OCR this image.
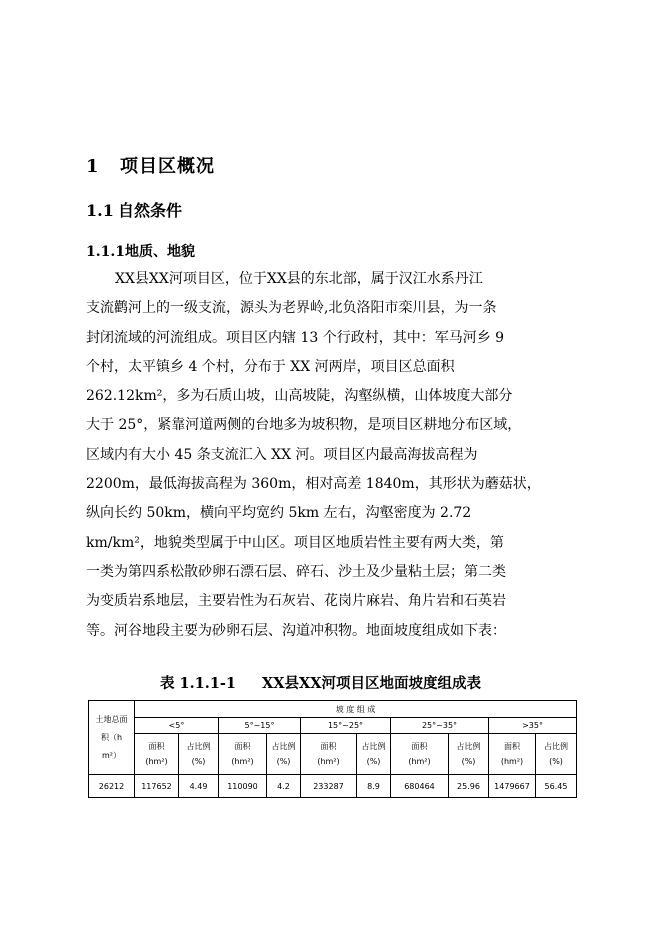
1 项目区概况
1.1 自然条件
1.1.1地质、地貌
XX县XX河项目区，位于XX县的东北部，属于汉江水系丹江
支流鹳河上的一级支流，源头为老界岭,北负洛阳市栾川县，为一条
封闭流域的河流组成。项目区内辖 13 个行政村，其中：军马河乡 9
个村，太平镇乡 4 个村，分布于 XX 河两岸，项目区总面积
262.12km²，多为石质山坡，山高坡陡，沟壑纵横，山体坡度大部分
大于 25°，紧靠河道两侧的台地多为坡积物，是项目区耕地分布区域，
区域内有大小 45 条支流汇入 XX 河。项目区内最高海拔高程为
2200m，最低海拔高程为 360m，相对高差 1840m，其形状为蘑菇状，
纵向长约 50km，横向平均宽约 5km 左右，沟壑密度为 2.72
km/km²，地貌类型属于中山区。项目区地质岩性主要有两大类，第
一类为第四系松散砂卵石漂石层、碎石、沙土及少量粘土层；第二类
为变质岩系地层，主要岩性为石灰岩、花岗片麻岩、角片岩和石英岩
等。河谷地段主要为砂卵石层、沟道冲积物。地面坡度组成如下表：
表 1.1.1-1 XX县XX河项目区地面坡度组成表
土地总面
积（h
m²）	坡 度 组 成									
	<5°		5°~15°		15°~25°		25°~35°		>35°	

	面积
(hm²)	占比例
(%)	面积
(hm²)	占比例
(%)	面积
(hm²)	占比例
(%)	面积
(hm²)	占比例
(%)	面积
(hm²)	占比例
(%)

26212	117652	4.49	110090	4.2	233287	8.9	680464	25.96	1479667	56.45
